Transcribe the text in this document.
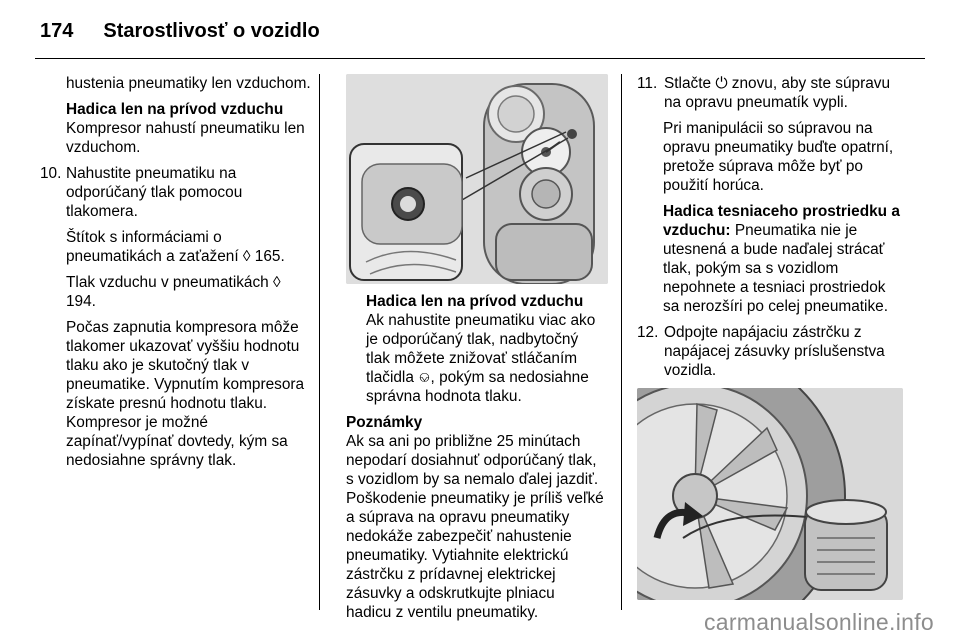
174 Starostlivosť o vozidlo

hustenia pneumatiky len vzduchom.

Hadica len na prívod vzduchu
Kompresor nahustí pneumatiku len vzduchom.
10. Nahustite pneumatiku na odporúčaný tlak pomocou tlakomera.

Štítok s informáciami o pneumatikách a zaťažení ◊ 165.

Tlak vzduchu v pneumatikách ◊ 194.

Počas zapnutia kompresora môže tlakomer ukazovať vyššiu hodnotu tlaku ako je skutočný tlak v pneumatike. Vypnutím kompresora získate presnú hodnotu tlaku. Kompresor je možné zapínať/vypínať dovtedy, kým sa nedosiahne správny tlak.

Hadica len na prívod vzduchu Ak nahustite pneumatiku viac ako je odporúčaný tlak, nadbytočný tlak môžete znižovať stláčaním tlačidla ⎉, pokým sa nedosiahne správna hodnota tlaku.

Poznámky

Ak sa ani po približne 25 minútach nepodarí dosiahnuť odporúčaný tlak, s vozidlom by sa nemalo ďalej jazdiť. Poškodenie pneumatiky je príliš veľké a súprava na opravu pneumatiky nedokáže zabezpečiť nahustenie pneumatiky. Vytiahnite elektrickú zástrčku z prídavnej elektrickej zásuvky a odskrutkujte plniacu hadicu z ventilu pneumatiky.

11. Stlačte ⏻ znovu, aby ste súpravu na opravu pneumatík vypli.

Pri manipulácii so súpravou na opravu pneumatiky buďte opatrní, pretože súprava môže byť po použití horúca.

Hadica tesniaceho prostriedku a vzduchu: Pneumatika nie je utesnená a bude naďalej strácať tlak, pokým sa s vozidlom nepohnete a tesniaci prostriedok sa nerozšíri po celej pneumatike.

12. Odpojte napájaciu zástrčku z napájacej zásuvky príslušenstva vozidla.
carmanualsonline.info
